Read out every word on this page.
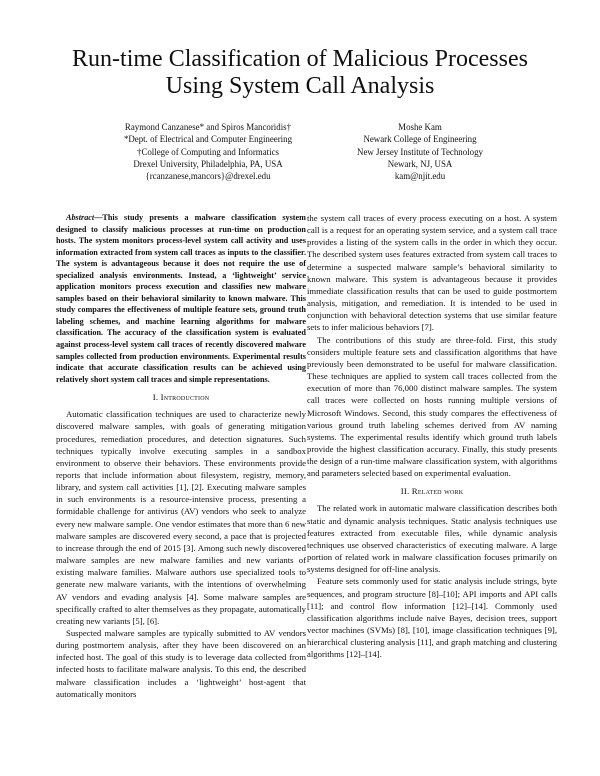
Run-time Classification of Malicious Processes
Using System Call Analysis
Raymond Canzanese* and Spiros Mancoridis†
*Dept. of Electrical and Computer Engineering
†College of Computing and Informatics
Drexel University, Philadelphia, PA, USA
{rcanzanese,mancors}@drexel.edu
Moshe Kam
Newark College of Engineering
New Jersey Institute of Technology
Newark, NJ, USA
kam@njit.edu

Abstract—This study presents a malware classification system designed to classify malicious processes at run-time on production hosts. The system monitors process-level system call activity and uses information extracted from system call traces as inputs to the classifier. The system is advantageous because it does not require the use of specialized analysis environments. Instead, a ‘lightweight’ service application monitors process execution and classifies new malware samples based on their behavioral similarity to known malware. This study compares the effectiveness of multiple feature sets, ground truth labeling schemes, and machine learning algorithms for malware classification. The accuracy of the classification system is evaluated against process-level system call traces of recently discovered malware samples collected from production environments. Experimental results indicate that accurate classification results can be achieved using relatively short system call traces and simple representations.

I. Introduction

Automatic classification techniques are used to characterize newly discovered malware samples, with goals of generating mitigation procedures, remediation procedures, and detection signatures. Such techniques typically involve executing samples in a sandbox environment to observe their behaviors. These environments provide reports that include information about filesystem, registry, memory, library, and system call activities [1], [2]. Executing malware samples in such environments is a resource-intensive process, presenting a formidable challenge for antivirus (AV) vendors who seek to analyze every new malware sample. One vendor estimates that more than 6 new malware samples are discovered every second, a pace that is projected to increase through the end of 2015 [3]. Among such newly discovered malware samples are new malware families and new variants of existing malware families. Malware authors use specialized tools to generate new malware variants, with the intentions of overwhelming AV vendors and evading analysis [4]. Some malware samples are specifically crafted to alter themselves as they propagate, automatically creating new variants [5], [6].

Suspected malware samples are typically submitted to AV vendors during postmortem analysis, after they have been discovered on an infected host. The goal of this study is to leverage data collected from infected hosts to facilitate malware analysis. To this end, the described malware classification includes a ‘lightweight’ host-agent that automatically monitors

the system call traces of every process executing on a host. A system call is a request for an operating system service, and a system call trace provides a listing of the system calls in the order in which they occur. The described system uses features extracted from system call traces to determine a suspected malware sample’s behavioral similarity to known malware. This system is advantageous because it provides immediate classification results that can be used to guide postmortem analysis, mitigation, and remediation. It is intended to be used in conjunction with behavioral detection systems that use similar feature sets to infer malicious behaviors [7].

The contributions of this study are three-fold. First, this study considers multiple feature sets and classification algorithms that have previously been demonstrated to be useful for malware classification. These techniques are applied to system call traces collected from the execution of more than 76,000 distinct malware samples. The system call traces were collected on hosts running multiple versions of Microsoft Windows. Second, this study compares the effectiveness of various ground truth labeling schemes derived from AV naming systems. The experimental results identify which ground truth labels provide the highest classification accuracy. Finally, this study presents the design of a run-time malware classification system, with algorithms and parameters selected based on experimental evaluation.

II. Related work

The related work in automatic malware classification describes both static and dynamic analysis techniques. Static analysis techniques use features extracted from executable files, while dynamic analysis techniques use observed characteristics of executing malware. A large portion of related work in malware classification focuses primarily on systems designed for off-line analysis.

Feature sets commonly used for static analysis include strings, byte sequences, and program structure [8]–[10]; API imports and API calls [11]; and control flow information [12]–[14]. Commonly used classification algorithms include naïve Bayes, decision trees, support vector machines (SVMs) [8], [10], image classification techniques [9], hierarchical clustering analysis [11], and graph matching and clustering algorithms [12]–[14].
